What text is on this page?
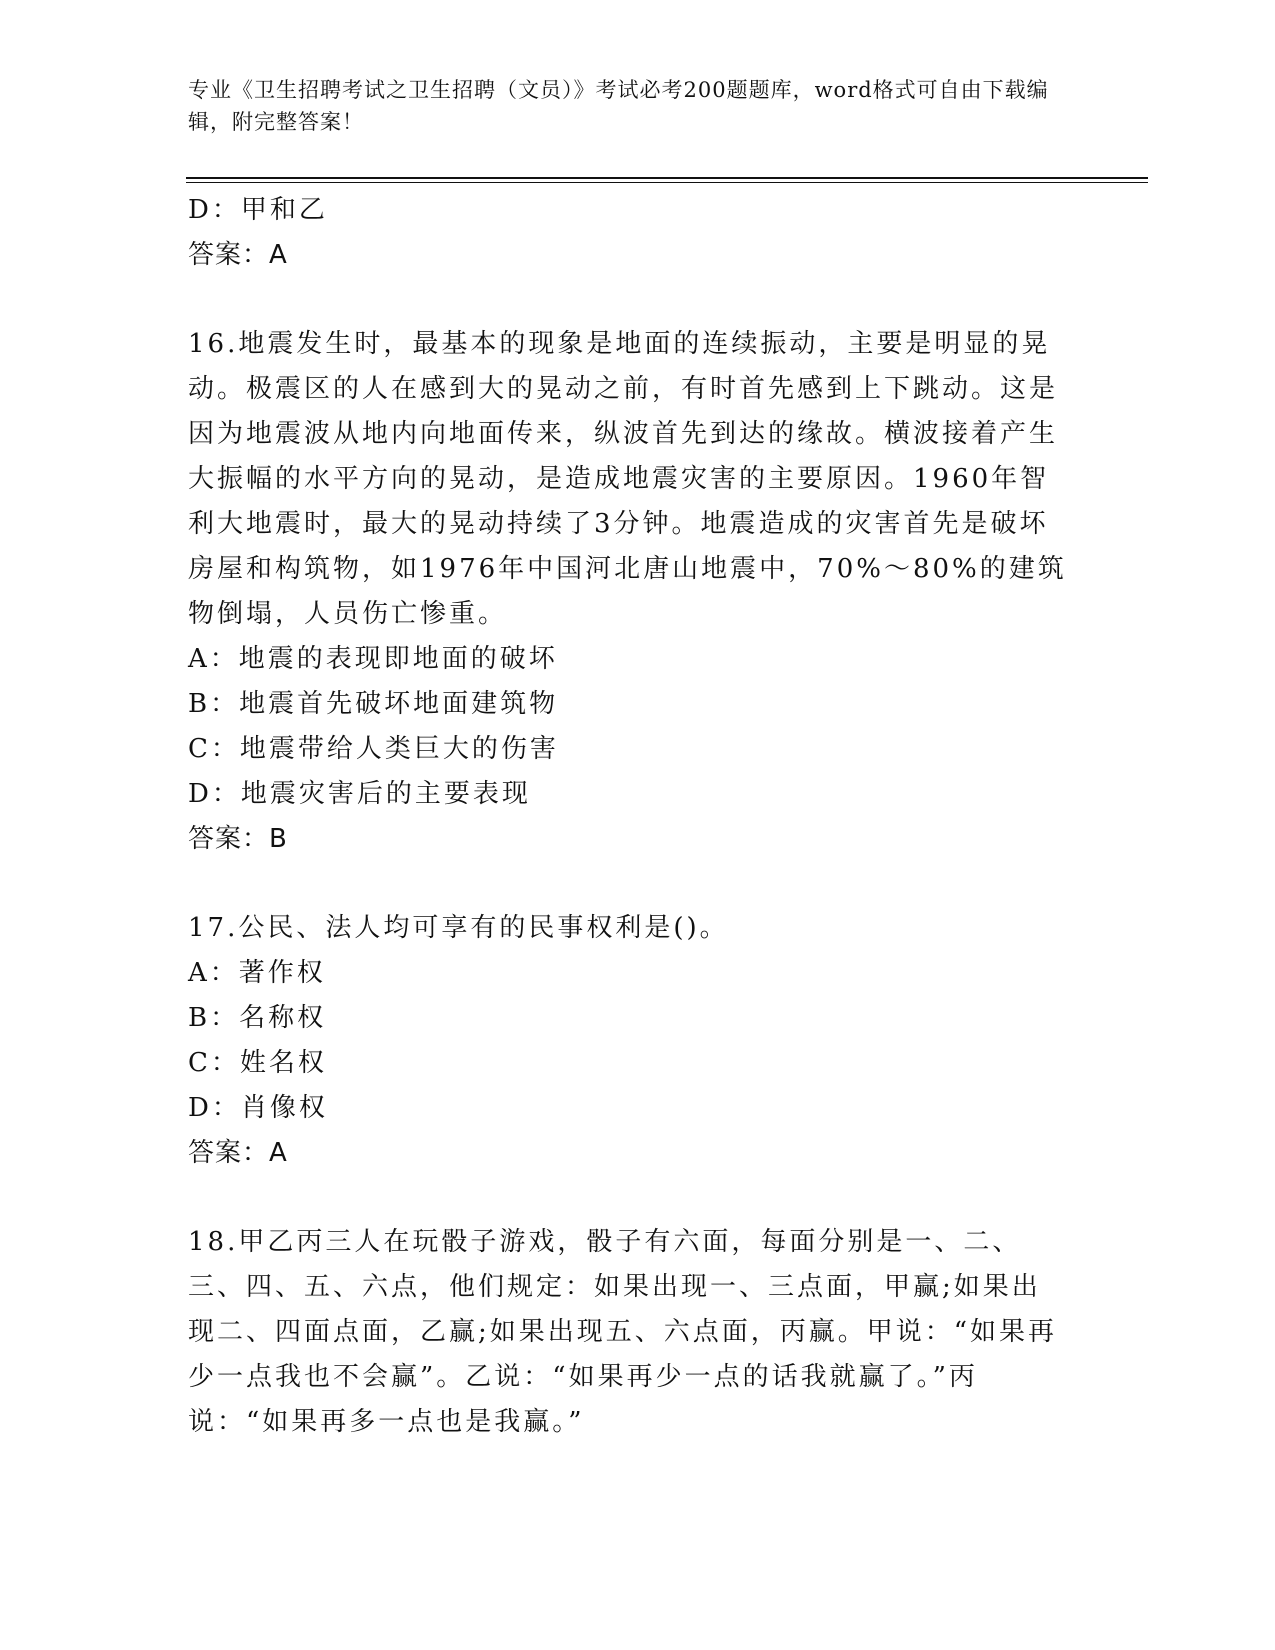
专业《卫生招聘考试之卫生招聘（文员）》考试必考200题题库，word格式可自由下载编辑，附完整答案！
D：甲和乙
答案：A
16.地震发生时，最基本的现象是地面的连续振动，主要是明显的晃动。极震区的人在感到大的晃动之前，有时首先感到上下跳动。这是因为地震波从地内向地面传来，纵波首先到达的缘故。横波接着产生大振幅的水平方向的晃动，是造成地震灾害的主要原因。1960年智利大地震时，最大的晃动持续了3分钟。地震造成的灾害首先是破坏房屋和构筑物，如1976年中国河北唐山地震中，70%～80%的建筑物倒塌，人员伤亡惨重。
A：地震的表现即地面的破坏
B：地震首先破坏地面建筑物
C：地震带给人类巨大的伤害
D：地震灾害后的主要表现
答案：B
17.公民、法人均可享有的民事权利是()。
A：著作权
B：名称权
C：姓名权
D：肖像权
答案：A
18.甲乙丙三人在玩骰子游戏，骰子有六面，每面分别是一、二、三、四、五、六点，他们规定：如果出现一、三点面，甲赢;如果出现二、四面点面，乙赢;如果出现五、六点面，丙赢。甲说：“如果再少一点我也不会赢”。乙说：“如果再少一点的话我就赢了。”丙说：“如果再多一点也是我赢。”
